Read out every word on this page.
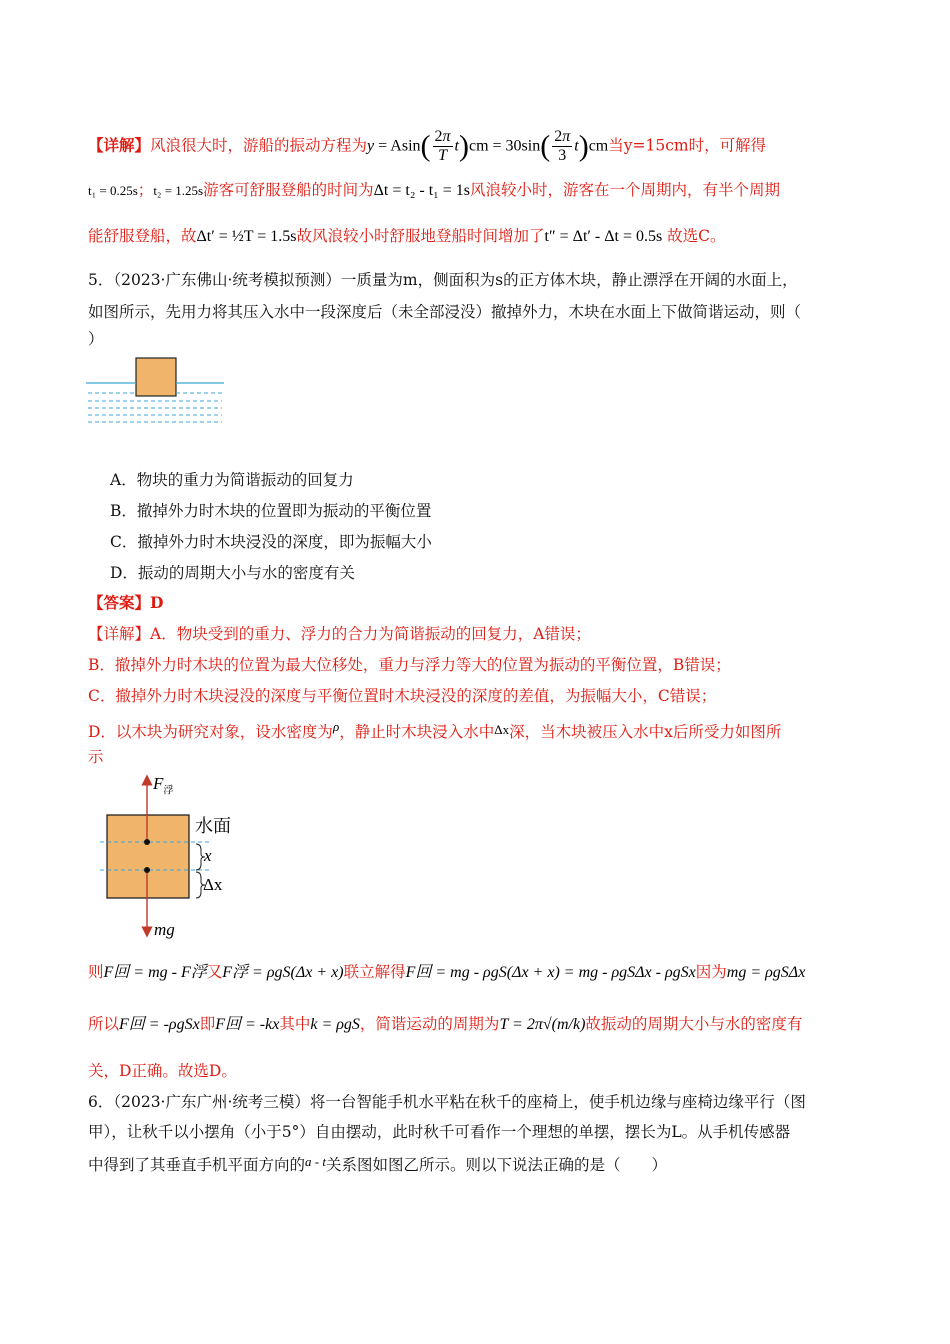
【详解】风浪很大时，游船的振动方程为$y = Asin( \frac{2\pi}{T} t)cm = 30\sin( \frac{2\pi}{3} t)cm$当y=15cm时，可解得
t₁ = 0.25s；t₂ = 1.25s游客可舒服登船的时间为Δt = t₂ - t₁ = 1s风浪较小时，游客在一个周期内，有半个周期
能舒服登船，故Δt′ = ½T = 1.5s故风浪较小时舒服地登船时间增加了t″ = Δt′ - Δt = 0.5s 故选C。
5．（2023·广东佛山·统考模拟预测）一质量为m，侧面积为s的正方体木块，静止漂浮在开阔的水面上，
如图所示，先用力将其压入水中一段深度后（未全部浸没）撤掉外力，木块在水面上下做简谐运动，则（
）
A．物块的重力为简谐振动的回复力
B．撤掉外力时木块的位置即为振动的平衡位置
C．撤掉外力时木块浸没的深度，即为振幅大小
D．振动的周期大小与水的密度有关
【答案】D
【详解】A．物块受到的重力、浮力的合力为简谐振动的回复力，A错误；
B．撤掉外力时木块的位置为最大位移处，重力与浮力等大的位置为振动的平衡位置，B错误；
C．撤掉外力时木块浸没的深度与平衡位置时木块浸没的深度的差值，为振幅大小，C错误；
D．以木块为研究对象，设水密度为$^\rho$，静止时木块浸入水中Δx深，当木块被压入水中x后所受力如图所
示
$F_浮$
水面
x
Δx
mg
则F回 = mg - F浮又F浮 = ρgS(Δx + x)联立解得F回 = mg - ρgS(Δx + x) = mg - ρgSΔx - ρgSx因为mg = ρgSΔx
所以F回 = -ρgSx即F回 = -kx其中k = ρgS，简谐运动的周期为T = 2π√(m/k)故振动的周期大小与水的密度有
关，D正确。故选D。
6．（2023·广东广州·统考三模）将一台智能手机水平粘在秋千的座椅上，使手机边缘与座椅边缘平行（图
甲），让秋千以小摆角（小于5°）自由摆动，此时秋千可看作一个理想的单摆，摆长为L。从手机传感器
中得到了其垂直手机平面方向的$^{a - t}$关系图如图乙所示。则以下说法正确的是（　　）
